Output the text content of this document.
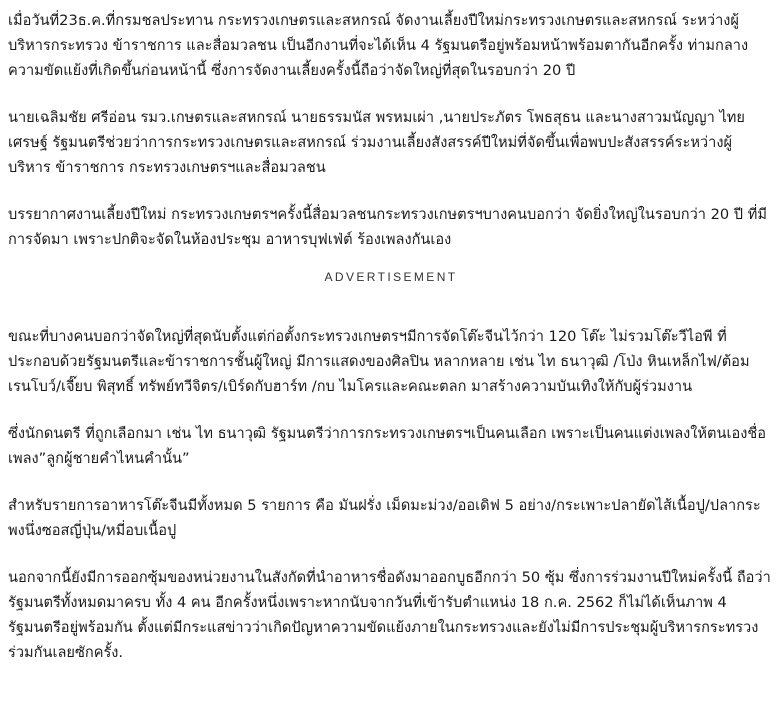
เมื่อวันที่23ธ.ค.ที่กรมชลประทาน กระทรวงเกษตรและสหกรณ์ จัดงานเลี้ยงปีใหม่กระทรวงเกษตรและสหกรณ์ ระหว่างผู้บริหารกระทรวง ข้าราชการ และสื่อมวลชน เป็นอีกงานที่จะได้เห็น 4 รัฐมนตรีอยู่พร้อมหน้าพร้อมตากันอีกครั้ง ท่ามกลางความขัดแย้งที่เกิดขึ้นก่อนหน้านี้ ซึ่งการจัดงานเลี้ยงครั้งนี้ถือว่าจัดใหญ่ที่สุดในรอบกว่า 20 ปี

นายเฉลิมชัย ศรีอ่อน รมว.เกษตรและสหกรณ์ นายธรรมนัส พรหมเผ่า ,นายประภัตร โพธสุธน และนางสาวมนัญญา ไทยเศรษฐ์ รัฐมนตรีช่วยว่าการกระทรวงเกษตรและสหกรณ์ ร่วมงานเลี้ยงสังสรรค์ปีใหม่ที่จัดขึ้นเพื่อพบปะสังสรรค์ระหว่างผู้บริหาร ข้าราชการ กระทรวงเกษตรฯและสื่อมวลชน

บรรยากาศงานเลี้ยงปีใหม่ กระทรวงเกษตรฯครั้งนี้สื่อมวลชนกระทรวงเกษตรฯบางคนบอกว่า จัดยิ่งใหญ่ในรอบกว่า 20 ปี ที่มีการจัดมา เพราะปกติจะจัดในห้องประชุม อาหารบุฟเฟ่ต์ ร้องเพลงกันเอง

ADVERTISEMENT

ขณะที่บางคนบอกว่าจัดใหญ่ที่สุดนับตั้งแต่ก่อตั้งกระทรวงเกษตรฯมีการจัดโต๊ะจีนไว้กว่า 120 โต๊ะ ไม่รวมโต๊ะวีไอพี ที่ประกอบด้วยรัฐมนตรีและข้าราชการชั้นผู้ใหญ่ มีการแสดงของศิลปิน หลากหลาย เช่น ไท ธนาวุฒิ /โป่ง หินเหล็กไฟ/ต้อม เรนโบว์/เจี๊ยบ พิสุทธิ์ ทรัพย์ทวีจิตร/เบิร์ดกับฮาร์ท /กบ ไมโครและคณะตลก มาสร้างความบันเทิงให้กับผู้ร่วมงาน

ซึ่งนักดนตรี ที่ถูกเลือกมา เช่น ไท ธนาวุฒิ รัฐมนตรีว่าการกระทรวงเกษตรฯเป็นคนเลือก เพราะเป็นคนแต่งเพลงให้ตนเองชื่อเพลง”ลูกผู้ชายคำไหนคำนั้น”

สำหรับรายการอาหารโต๊ะจีนมีทั้งหมด 5 รายการ คือ มันฝรั่ง เม็ดมะม่วง/ออเดิฟ 5 อย่าง/กระเพาะปลายัดไส้เนื้อปู/ปลากระพงนึ่งซอสญี่ปุ่น/หมี่อบเนื้อปู

นอกจากนี้ยังมีการออกซุ้มของหน่วยงานในสังกัดที่นำอาหารชื่อดังมาออกบูธอีกกว่า 50 ซุ้ม ซึ่งการร่วมงานปีใหม่ครั้งนี้ ถือว่า รัฐมนตรีทั้งหมดมาครบ ทั้ง 4 คน อีกครั้งหนึ่งเพราะหากนับจากวันที่เข้ารับตำแหน่ง 18 ก.ค. 2562 ก็ไม่ได้เห็นภาพ 4 รัฐมนตรีอยู่พร้อมกัน ตั้งแต่มีกระแสข่าวว่าเกิดปัญหาความขัดแย้งภายในกระทรวงและยังไม่มีการประชุมผู้บริหารกระทรวงร่วมกันเลยซักครั้ง.
